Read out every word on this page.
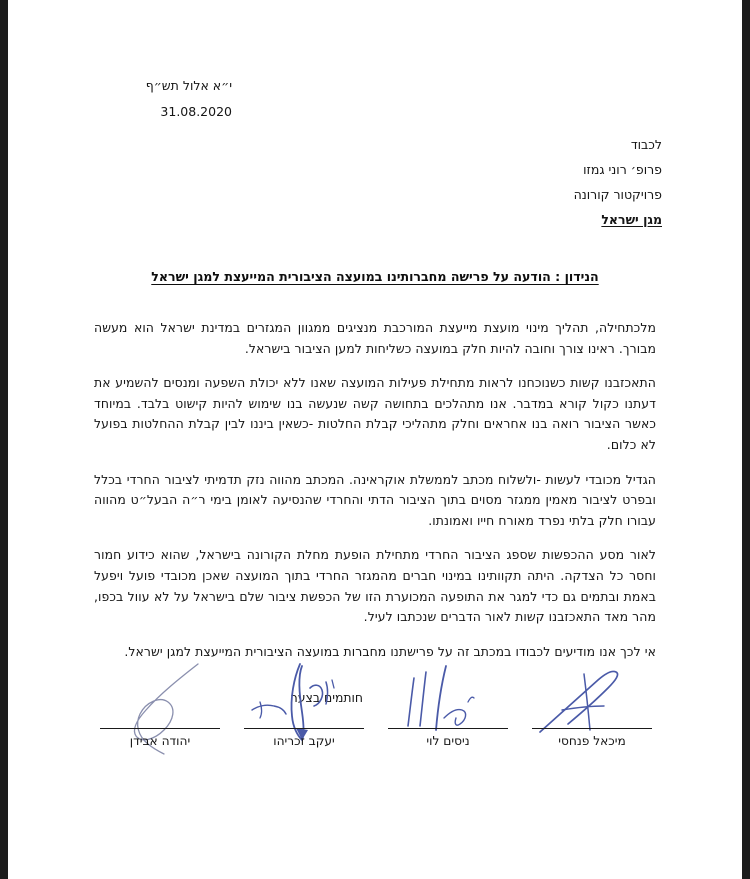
י״א אלול תש״ף
31.08.2020
לכבוד
פרופ׳ רוני גמזו
פרויקטור קורונה
מגן ישראל
הנידון : הודעה על פרישה מחברותינו במועצה הציבורית המייעצת למגן ישראל

מלכתחילה, תהליך מינוי מועצת מייעצת המורכבת מנציגים ממגוון המגזרים במדינת ישראל הוא מעשה מבורך. ראינו צורך וחובה להיות חלק במועצה כשליחות למען הציבור בישראל.

התאכזבנו קשות כשנוכחנו לראות מתחילת פעילות המועצה שאנו ללא יכולת השפעה ומנסים להשמיע את דעתנו כקול קורא במדבר. אנו מתהלכים בתחושה קשה שנעשה בנו שימוש להיות קישוט בלבד. במיוחד כאשר הציבור רואה בנו אחראים וחלק מתהליכי קבלת החלטות -כשאין ביננו לבין קבלת ההחלטות בפועל לא כלום.

הגדיל מכובדי לעשות -ולשלוח מכתב לממשלת אוקראינה. המכתב מהווה נזק תדמיתי לציבור החרדי בכלל ובפרט לציבור מאמין ממגזר מסוים בתוך הציבור הדתי והחרדי שהנסיעה לאומן בימי ר״ה הבעל״ט מהווה עבורו חלק בלתי נפרד מאורח חייו ואמונתו.

לאור מסע ההכפשות שספג הציבור החרדי מתחילת הופעת מחלת הקורונה בישראל, שהוא כידוע חמור וחסר כל הצדקה. היתה תקוותינו במינוי חברים מהמגזר החרדי בתוך המועצה שאכן מכובדי פועל ויפעל באמת ובתמים גם כדי למגר את התופעה המכוערת הזו של הכפשת ציבור שלם בישראל על לא עוול בכפו, מהר מאד התאכזבנו קשות לאור הדברים שנכתבו לעיל.

אי לכך אנו מודיעים לכבודו במכתב זה על פרישתנו מחברות במועצה הציבורית המייעצת למגן ישראל.

חותמים בצער
מיכאל פנחסי
ניסים לוי
יעקב זכריהו
יהודה אבידן
